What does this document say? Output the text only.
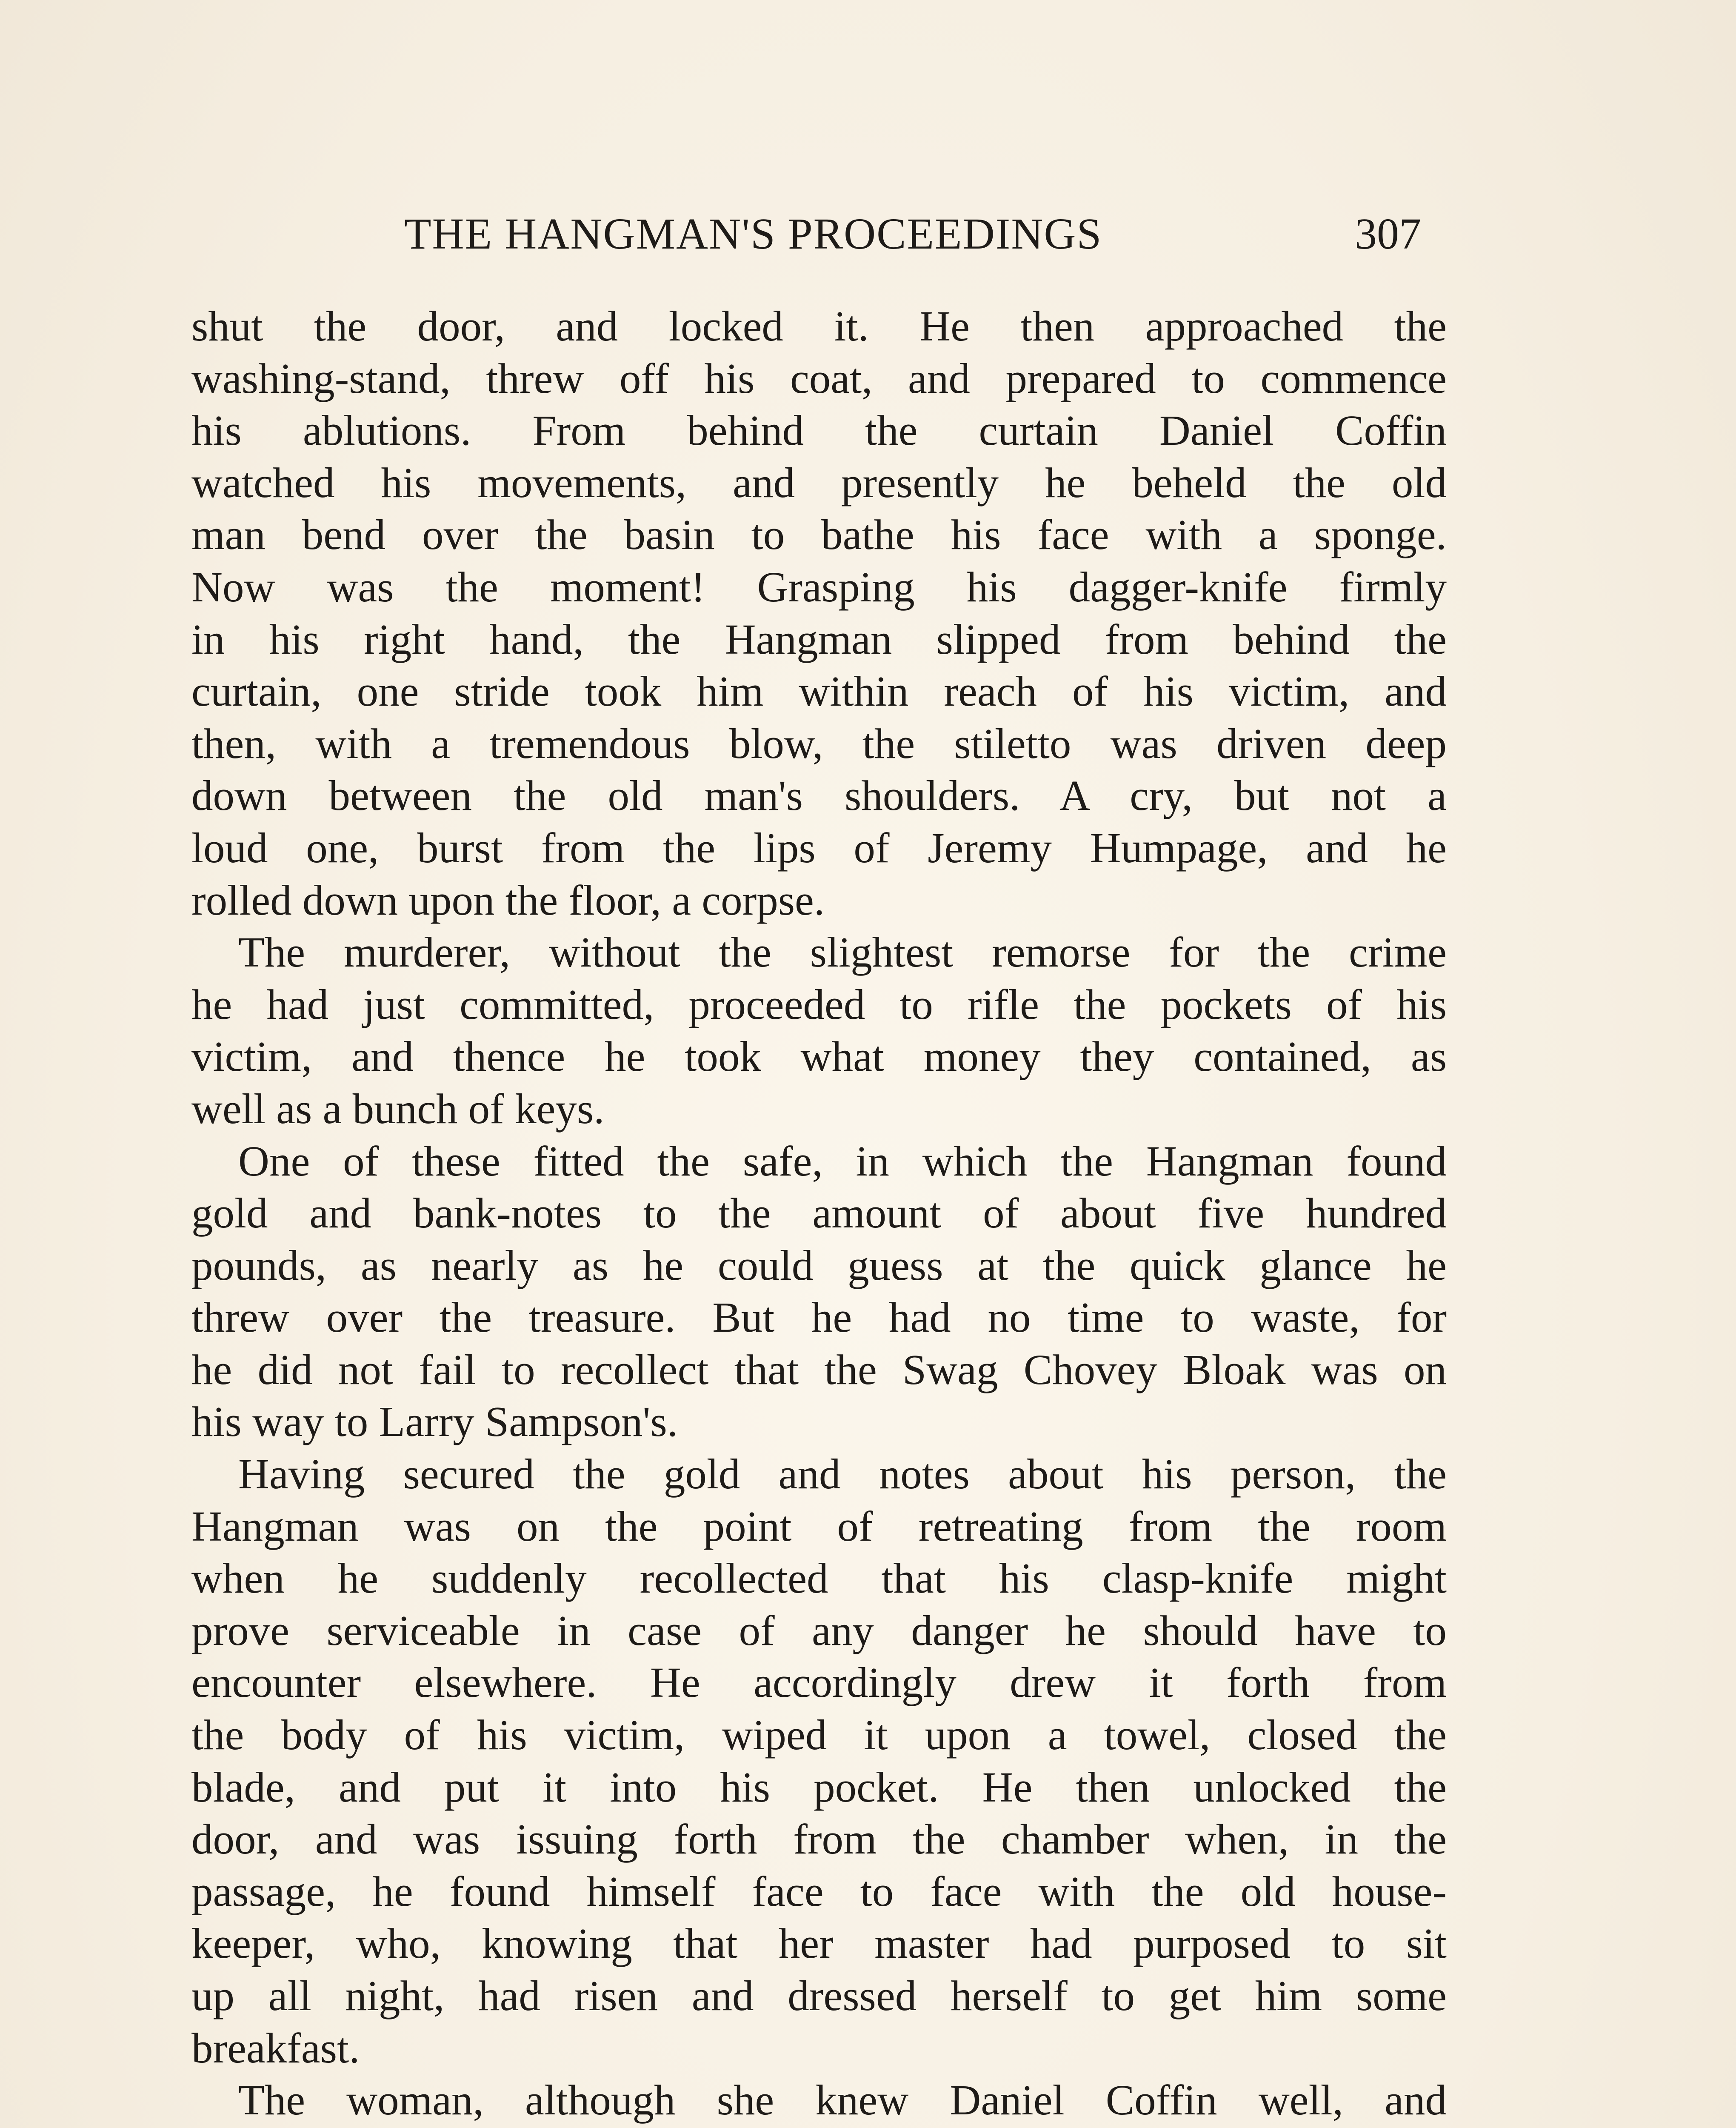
THE HANGMAN'S PROCEEDINGS	307
shut the door, and locked it. He then approached the
washing-stand, threw off his coat, and prepared to commence
his ablutions. From behind the curtain Daniel Coffin
watched his movements, and presently he beheld the old
man bend over the basin to bathe his face with a sponge.
Now was the moment! Grasping his dagger-knife firmly
in his right hand, the Hangman slipped from behind the
curtain, one stride took him within reach of his victim, and
then, with a tremendous blow, the stiletto was driven deep
down between the old man's shoulders. A cry, but not a
loud one, burst from the lips of Jeremy Humpage, and he
rolled down upon the floor, a corpse.
The murderer, without the slightest remorse for the crime
he had just committed, proceeded to rifle the pockets of his
victim, and thence he took what money they contained, as
well as a bunch of keys.
One of these fitted the safe, in which the Hangman found
gold and bank-notes to the amount of about five hundred
pounds, as nearly as he could guess at the quick glance he
threw over the treasure. But he had no time to waste, for
he did not fail to recollect that the Swag Chovey Bloak was on
his way to Larry Sampson's.
Having secured the gold and notes about his person, the
Hangman was on the point of retreating from the room
when he suddenly recollected that his clasp-knife might
prove serviceable in case of any danger he should have to
encounter elsewhere. He accordingly drew it forth from
the body of his victim, wiped it upon a towel, closed the
blade, and put it into his pocket. He then unlocked the
door, and was issuing forth from the chamber when, in the
passage, he found himself face to face with the old house-
keeper, who, knowing that her master had purposed to sit
up all night, had risen and dressed herself to get him some
breakfast.
The woman, although she knew Daniel Coffin well, and
